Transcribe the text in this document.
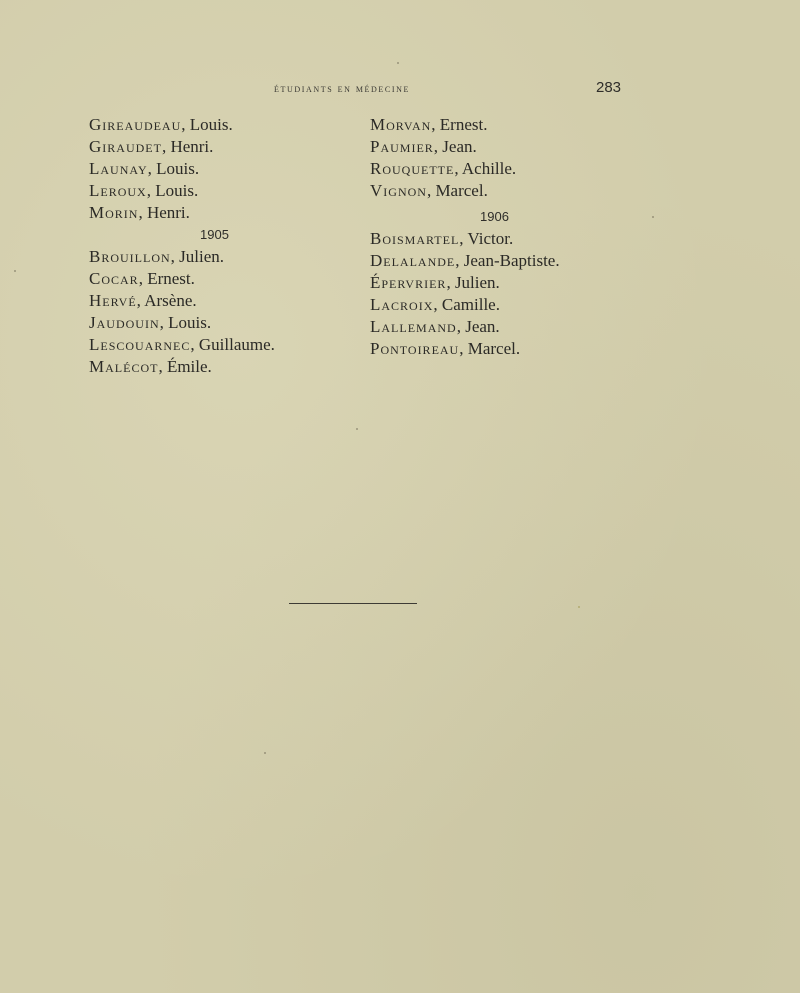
étudiants en médecine	283
Gireaudeau, Louis.
Giraudet, Henri.
Launay, Louis.
Leroux, Louis.
Morin, Henri.
1905
Brouillon, Julien.
Cocar, Ernest.
Hervé, Arsène.
Jaudouin, Louis.
Lescouarnec, Guillaume.
Malécot, Émile.
Morvan, Ernest.
Paumier, Jean.
Rouquette, Achille.
Vignon, Marcel.
1906
Boismartel, Victor.
Delalande, Jean-Baptiste.
Épervrier, Julien.
Lacroix, Camille.
Lallemand, Jean.
Pontoireau, Marcel.
